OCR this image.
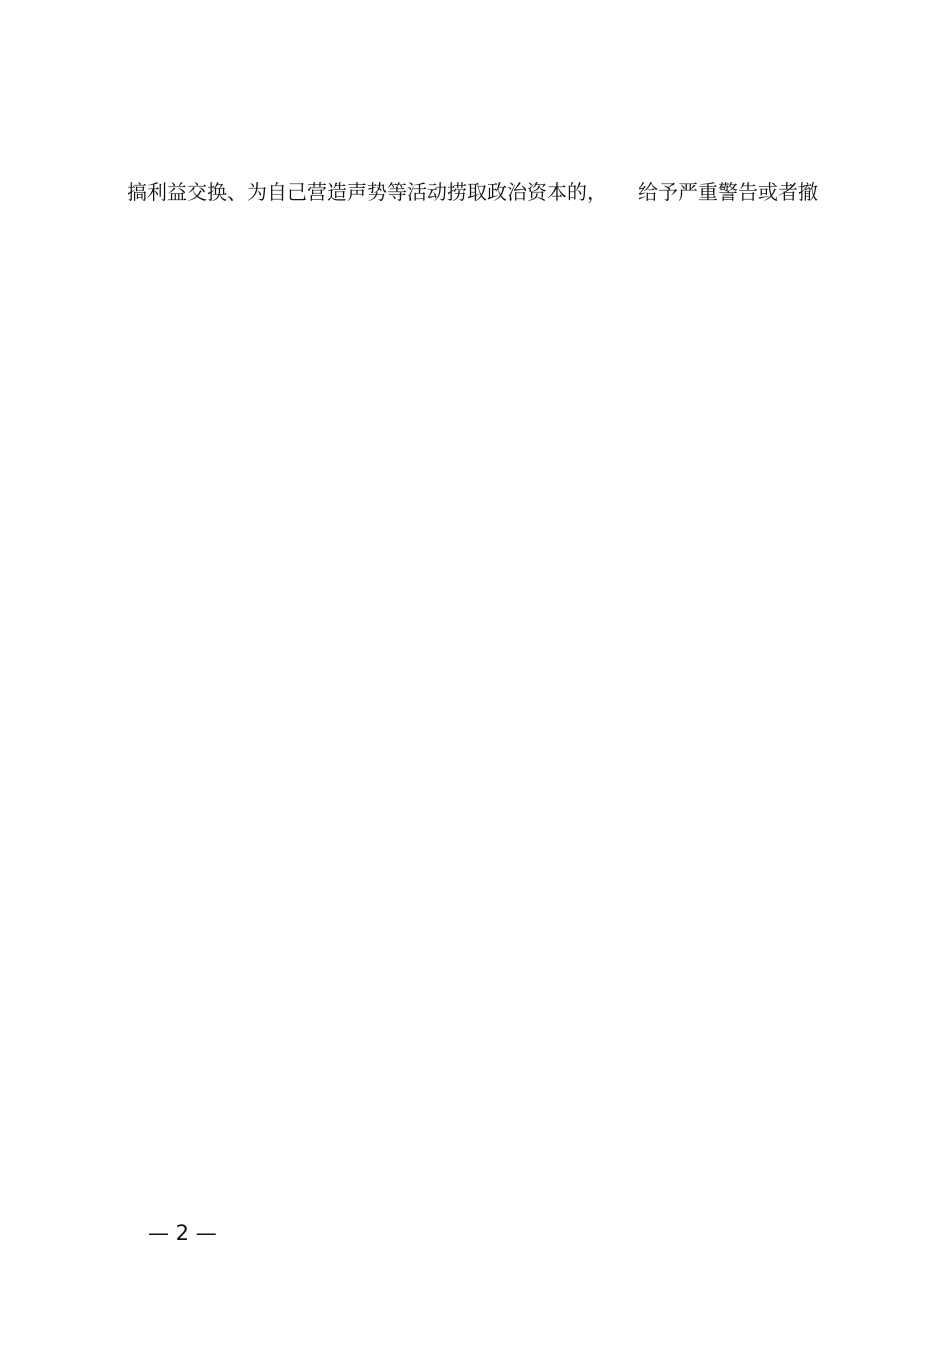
搞利益交换、为自己营造声势等活动捞取政治资本的， 给予严重警告或者撤
— 2 —
